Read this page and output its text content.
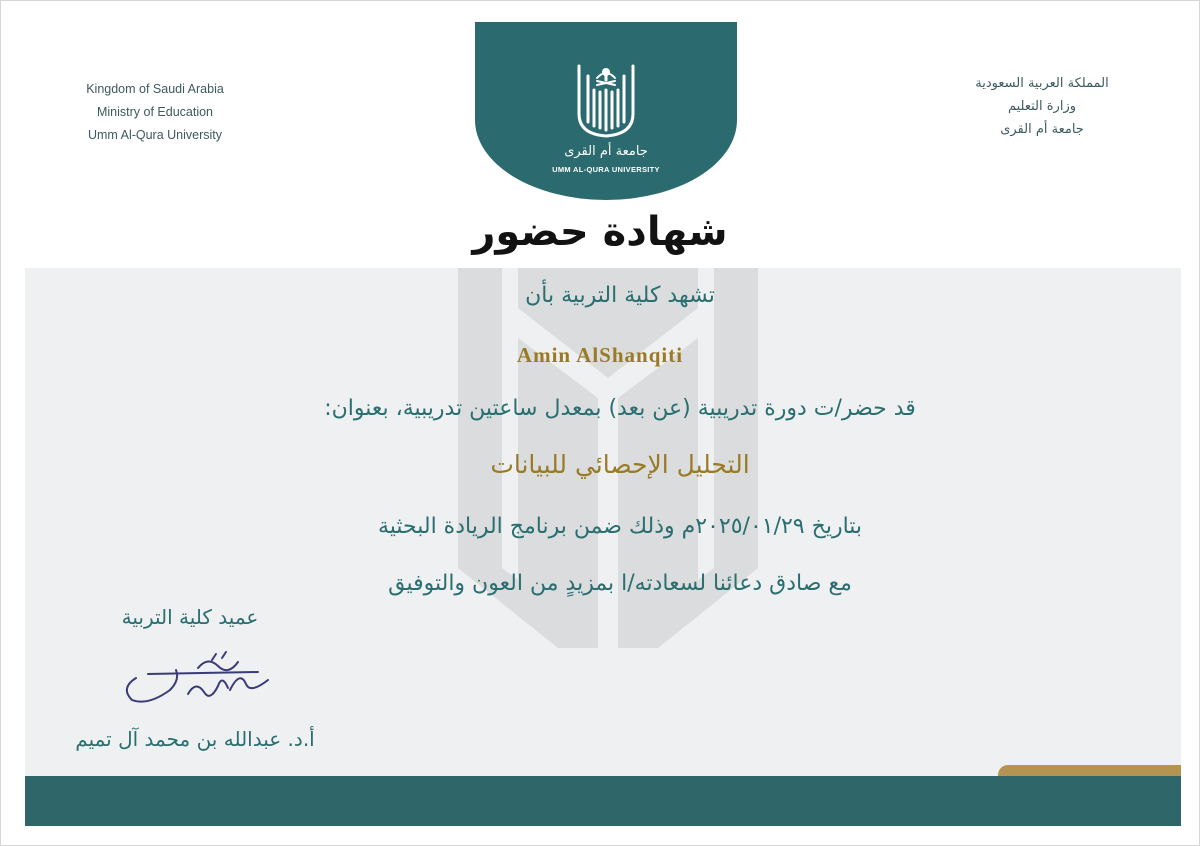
Kingdom of Saudi Arabia
Ministry of Education
Umm Al-Qura University
المملكة العربية السعودية
وزارة التعليم
جامعة أم القرى
جامعة أم القرى
UMM AL-QURA UNIVERSITY
شهادة حضور
تشهد كلية التربية بأن
Amin AlShanqiti
قد حضر/ت دورة تدريبية (عن بعد) بمعدل ساعتين تدريبية، بعنوان:
التحليل الإحصائي للبيانات
بتاريخ ٢٠٢٥/٠١/٢٩م وذلك ضمن برنامج الريادة البحثية
مع صادق دعائنا لسعادته/ا بمزيدٍ من العون والتوفيق
عميد كلية التربية
أ.د. عبدالله بن محمد آل تميم
